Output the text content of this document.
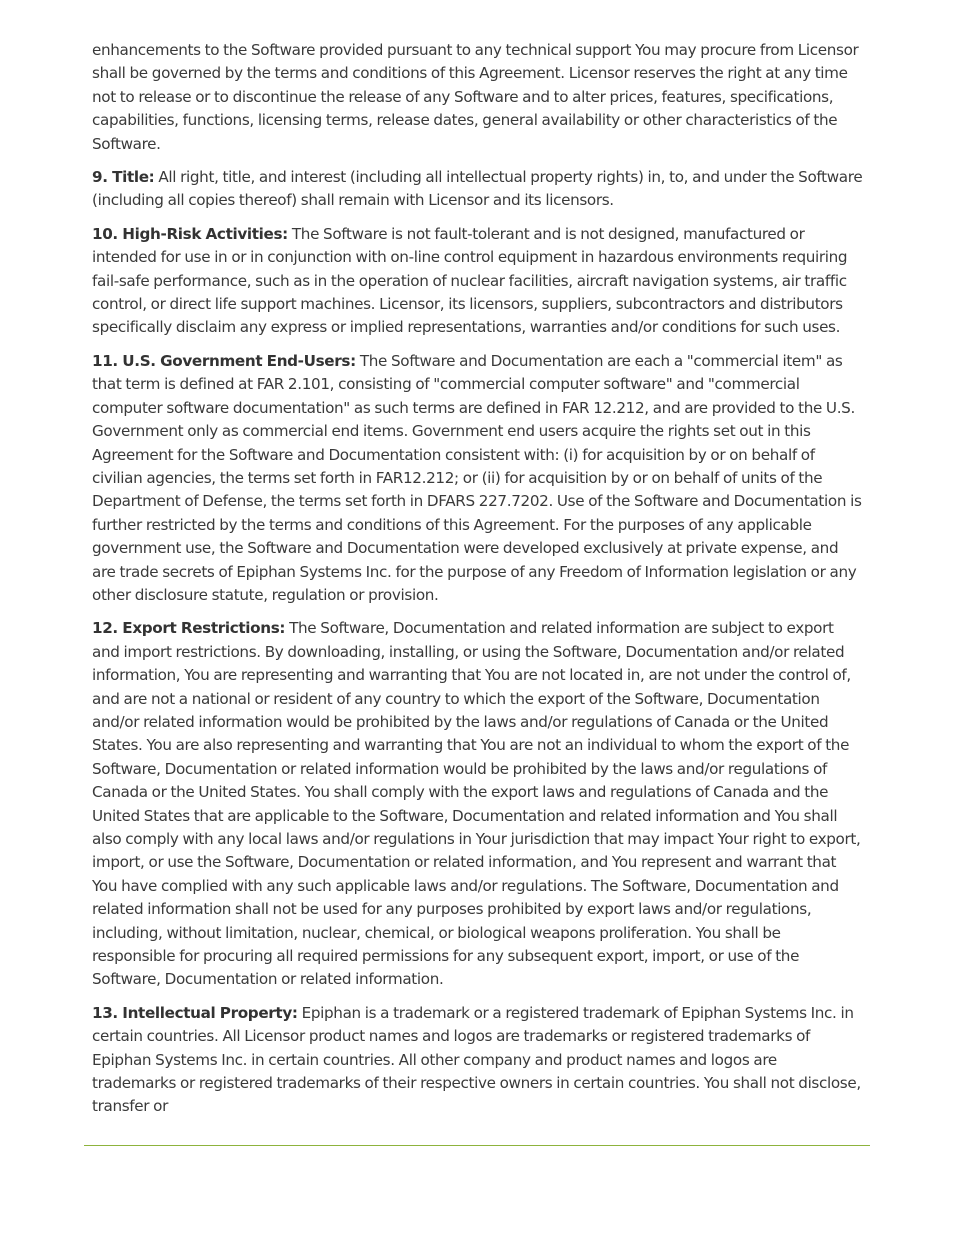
enhancements to the Software provided pursuant to any technical support You may procure from Licensor shall be governed by the terms and conditions of this Agreement. Licensor reserves the right at any time not to release or to discontinue the release of any Software and to alter prices, features, specifications, capabilities, functions, licensing terms, release dates, general availability or other characteristics of the Software.

9. Title: All right, title, and interest (including all intellectual property rights) in, to, and under the Software (including all copies thereof) shall remain with Licensor and its licensors.

10. High-Risk Activities: The Software is not fault-tolerant and is not designed, manufactured or intended for use in or in conjunction with on-line control equipment in hazardous environments requiring fail-safe performance, such as in the operation of nuclear facilities, aircraft navigation systems, air traffic control, or direct life support machines. Licensor, its licensors, suppliers, subcontractors and distributors specifically disclaim any express or implied representations, warranties and/or conditions for such uses.

11. U.S. Government End-Users: The Software and Documentation are each a "commercial item" as that term is defined at FAR 2.101, consisting of "commercial computer software" and "commercial computer software documentation" as such terms are defined in FAR 12.212, and are provided to the U.S. Government only as commercial end items. Government end users acquire the rights set out in this Agreement for the Software and Documentation consistent with: (i) for acquisition by or on behalf of civilian agencies, the terms set forth in FAR12.212; or (ii) for acquisition by or on behalf of units of the Department of Defense, the terms set forth in DFARS 227.7202. Use of the Software and Documentation is further restricted by the terms and conditions of this Agreement. For the purposes of any applicable government use, the Software and Documentation were developed exclusively at private expense, and are trade secrets of Epiphan Systems Inc. for the purpose of any Freedom of Information legislation or any other disclosure statute, regulation or provision.

12. Export Restrictions: The Software, Documentation and related information are subject to export and import restrictions. By downloading, installing, or using the Software, Documentation and/or related information, You are representing and warranting that You are not located in, are not under the control of, and are not a national or resident of any country to which the export of the Software, Documentation and/or related information would be prohibited by the laws and/or regulations of Canada or the United States. You are also representing and warranting that You are not an individual to whom the export of the Software, Documentation or related information would be prohibited by the laws and/or regulations of Canada or the United States. You shall comply with the export laws and regulations of Canada and the United States that are applicable to the Software, Documentation and related information and You shall also comply with any local laws and/or regulations in Your jurisdiction that may impact Your right to export, import, or use the Software, Documentation or related information, and You represent and warrant that You have complied with any such applicable laws and/or regulations. The Software, Documentation and related information shall not be used for any purposes prohibited by export laws and/or regulations, including, without limitation, nuclear, chemical, or biological weapons proliferation. You shall be responsible for procuring all required permissions for any subsequent export, import, or use of the Software, Documentation or related information.

13. Intellectual Property: Epiphan is a trademark or a registered trademark of Epiphan Systems Inc. in certain countries. All Licensor product names and logos are trademarks or registered trademarks of Epiphan Systems Inc. in certain countries. All other company and product names and logos are trademarks or registered trademarks of their respective owners in certain countries. You shall not disclose, transfer or
